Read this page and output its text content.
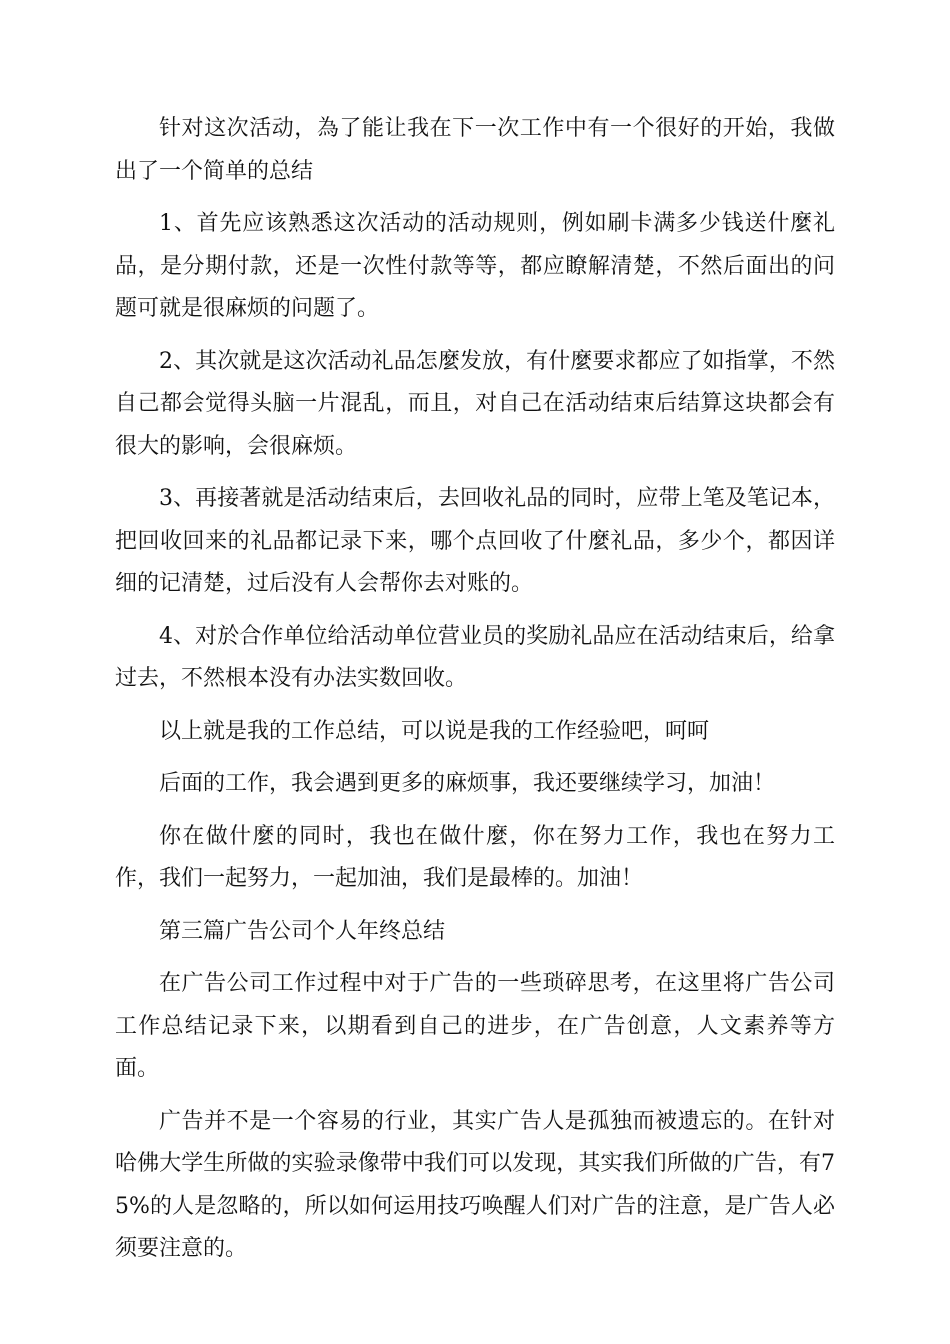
针对这次活动，為了能让我在下一次工作中有一个很好的开始，我做出了一个简单的总结

1、首先应该熟悉这次活动的活动规则，例如刷卡满多少钱送什麼礼品，是分期付款，还是一次性付款等等，都应瞭解清楚，不然后面出的问题可就是很麻烦的问题了。

2、其次就是这次活动礼品怎麼发放，有什麼要求都应了如指掌，不然自己都会觉得头脑一片混乱，而且，对自己在活动结束后结算这块都会有很大的影响，会很麻烦。

3、再接著就是活动结束后，去回收礼品的同时，应带上笔及笔记本，把回收回来的礼品都记录下来，哪个点回收了什麼礼品，多少个，都因详细的记清楚，过后没有人会帮你去对账的。

4、对於合作单位给活动单位营业员的奖励礼品应在活动结束后，给拿过去，不然根本没有办法实数回收。

以上就是我的工作总结，可以说是我的工作经验吧，呵呵

后面的工作，我会遇到更多的麻烦事，我还要继续学习，加油！

你在做什麼的同时，我也在做什麼，你在努力工作，我也在努力工作，我们一起努力，一起加油，我们是最棒的。加油！

第三篇广告公司个人年终总结

在广告公司工作过程中对于广告的一些琐碎思考，在这里将广告公司工作总结记录下来，以期看到自己的进步，在广告创意，人文素养等方面。

广告并不是一个容易的行业，其实广告人是孤独而被遗忘的。在针对哈佛大学生所做的实验录像带中我们可以发现，其实我们所做的广告，有75%的人是忽略的，所以如何运用技巧唤醒人们对广告的注意，是广告人必须要注意的。
